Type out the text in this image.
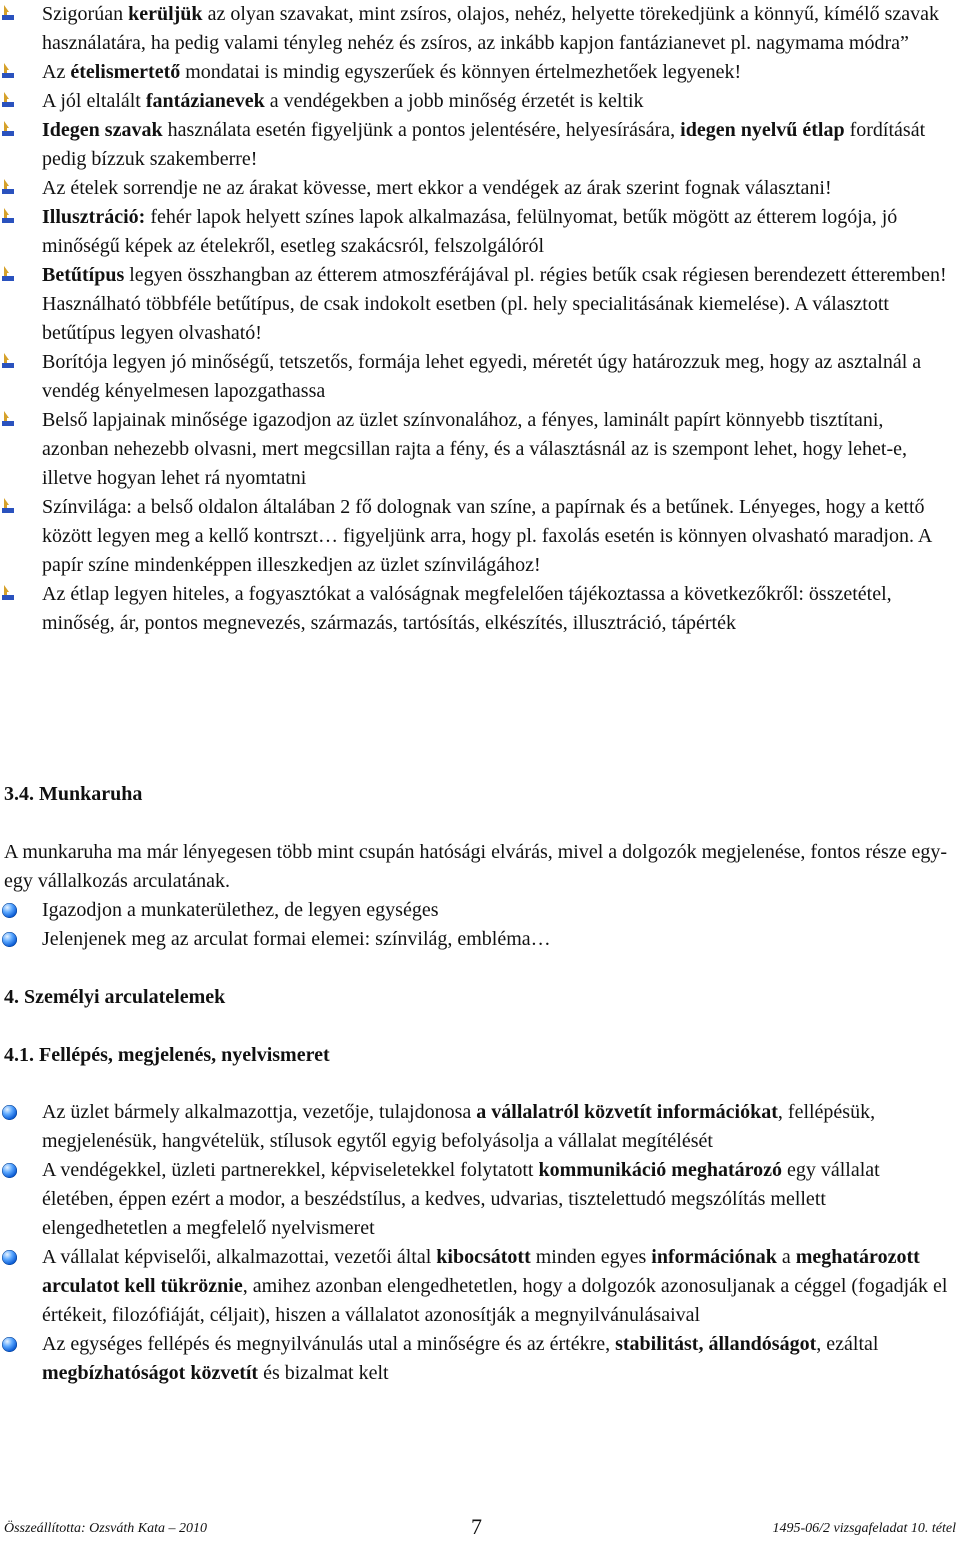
Szigorúan kerüljük az olyan szavakat, mint zsíros, olajos, nehéz, helyette törekedjünk a könnyű, kímélő szavak használatára, ha pedig valami tényleg nehéz és zsíros, az inkább kapjon fantázianevet pl. nagymama módra”
Az ételismertető mondatai is mindig egyszerűek és könnyen értelmezhetőek legyenek!
A jól eltalált fantázianevek a vendégekben a jobb minőség érzetét is keltik
Idegen szavak használata esetén figyeljünk a pontos jelentésére, helyesírására, idegen nyelvű étlap fordítását pedig bízzuk szakemberre!
Az ételek sorrendje ne az árakat kövesse, mert ekkor a vendégek az árak szerint fognak választani!
Illusztráció: fehér lapok helyett színes lapok alkalmazása, felülnyomat, betűk mögött az étterem logója, jó minőségű képek az ételekről, esetleg szakácsról, felszolgálóról
Betűtípus legyen összhangban az étterem atmoszférájával pl. régies betűk csak régiesen berendezett étteremben! Használható többféle betűtípus, de csak indokolt esetben (pl. hely specialitásának kiemelése). A választott betűtípus legyen olvasható!
Borítója legyen jó minőségű, tetszetős, formája lehet egyedi, méretét úgy határozzuk meg, hogy az asztalnál a vendég kényelmesen lapozgathassa
Belső lapjainak minősége igazodjon az üzlet színvonalához, a fényes, laminált papírt könnyebb tisztítani, azonban nehezebb olvasni, mert megcsillan rajta a fény, és a választásnál az is szempont lehet, hogy lehet-e, illetve hogyan lehet rá nyomtatni
Színvilága: a belső oldalon általában 2 fő dolognak van színe, a papírnak és a betűnek. Lényeges, hogy a kettő között legyen meg a kellő kontrszt… figyeljünk arra, hogy pl. faxolás esetén is könnyen olvasható maradjon. A papír színe mindenképpen illeszkedjen az üzlet színvilágához!
Az étlap legyen hiteles, a fogyasztókat a valóságnak megfelelően tájékoztassa a következőkről: összetétel, minőség, ár, pontos megnevezés, származás, tartósítás, elkészítés, illusztráció, tápérték
3.4. Munkaruha
A munkaruha ma már lényegesen több mint csupán hatósági elvárás, mivel a dolgozók megjelenése, fontos része egy-egy vállalkozás arculatának.
Igazodjon a munkaterülethez, de legyen egységes
Jelenjenek meg az arculat formai elemei: színvilág, embléma…
4. Személyi arculatelemek
4.1. Fellépés, megjelenés, nyelvismeret
Az üzlet bármely alkalmazottja, vezetője, tulajdonosa a vállalatról közvetít információkat, fellépésük, megjelenésük, hangvételük, stílusok egytől egyig befolyásolja a vállalat megítélését
A vendégekkel, üzleti partnerekkel, képviseletekkel folytatott kommunikáció meghatározó egy vállalat életében, éppen ezért a modor, a beszédstílus, a kedves, udvarias, tisztelettudó megszólítás mellett elengedhetetlen a megfelelő nyelvismeret
A vállalat képviselői, alkalmazottai, vezetői által kibocsátott minden egyes információnak a meghatározott arculatot kell tükröznie, amihez azonban elengedhetetlen, hogy a dolgozók azonosuljanak a céggel (fogadják el értékeit, filozófiáját, céljait), hiszen a vállalatot azonosítják a megnyilvánulásaival
Az egységes fellépés és megnyilvánulás utal a minőségre és az értékre, stabilitást, állandóságot, ezáltal megbízhatóságot közvetít és bizalmat kelt
Összeállította: Ozsváth Kata – 2010	7	1495-06/2 vizsgafeladat 10. tétel
